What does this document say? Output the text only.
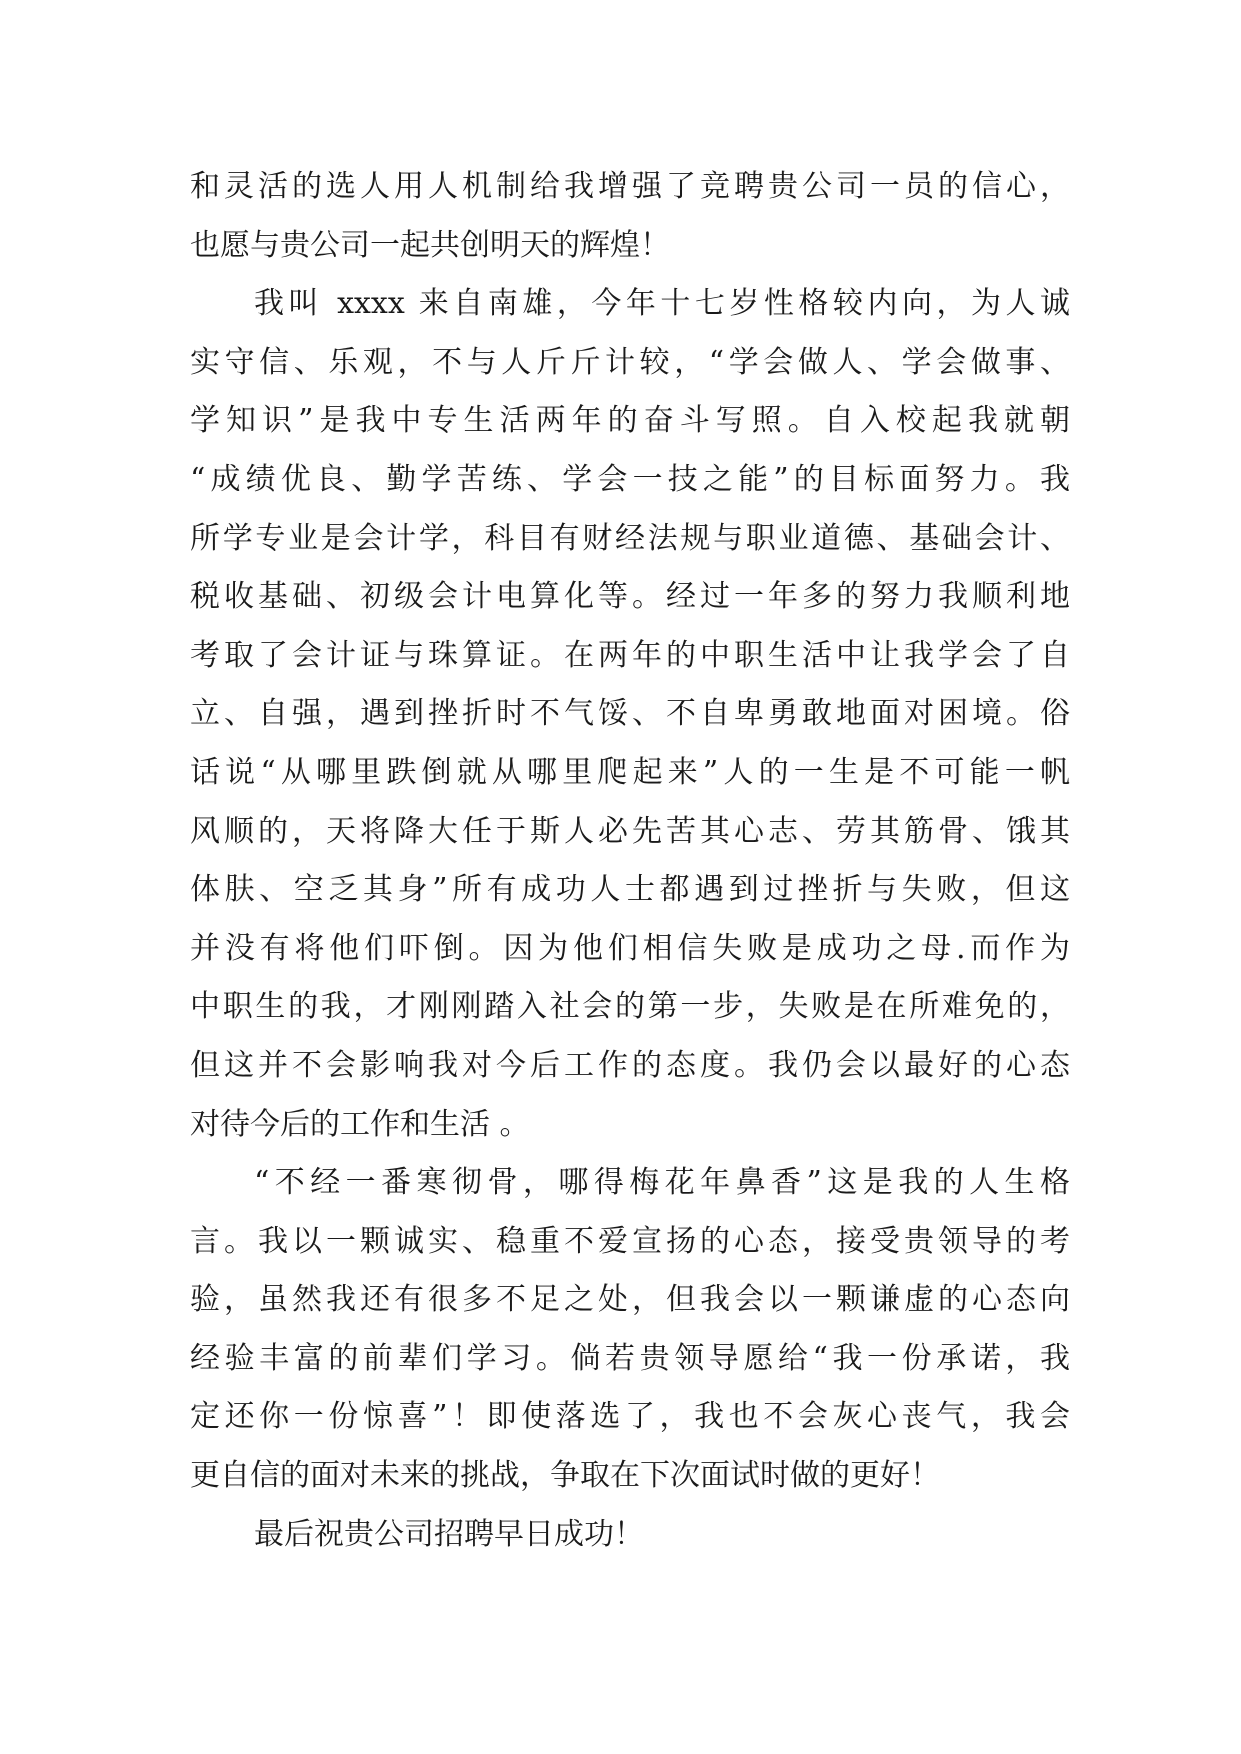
和灵活的选人用人机制给我增强了竞聘贵公司一员的信心，
也愿与贵公司一起共创明天的辉煌！
我叫 xxxx 来自南雄，今年十七岁性格较内向，为人诚
实守信、乐观，不与人斤斤计较，“学会做人、学会做事、
学知识”是我中专生活两年的奋斗写照。自入校起我就朝
“成绩优良、勤学苦练、学会一技之能”的目标面努力。我
所学专业是会计学，科目有财经法规与职业道德、基础会计、
税收基础、初级会计电算化等。经过一年多的努力我顺利地
考取了会计证与珠算证。在两年的中职生活中让我学会了自
立、自强，遇到挫折时不气馁、不自卑勇敢地面对困境。俗
话说“从哪里跌倒就从哪里爬起来”人的一生是不可能一帆
风顺的，天将降大任于斯人必先苦其心志、劳其筋骨、饿其
体肤、空乏其身”所有成功人士都遇到过挫折与失败，但这
并没有将他们吓倒。因为他们相信失败是成功之母.而作为
中职生的我，才刚刚踏入社会的第一步，失败是在所难免的，
但这并不会影响我对今后工作的态度。我仍会以最好的心态
对待今后的工作和生活 。
“不经一番寒彻骨，哪得梅花年鼻香”这是我的人生格
言。我以一颗诚实、稳重不爱宣扬的心态，接受贵领导的考
验，虽然我还有很多不足之处，但我会以一颗谦虚的心态向
经验丰富的前辈们学习。倘若贵领导愿给“我一份承诺，我
定还你一份惊喜”！即使落选了，我也不会灰心丧气，我会
更自信的面对未来的挑战，争取在下次面试时做的更好！
最后祝贵公司招聘早日成功！
